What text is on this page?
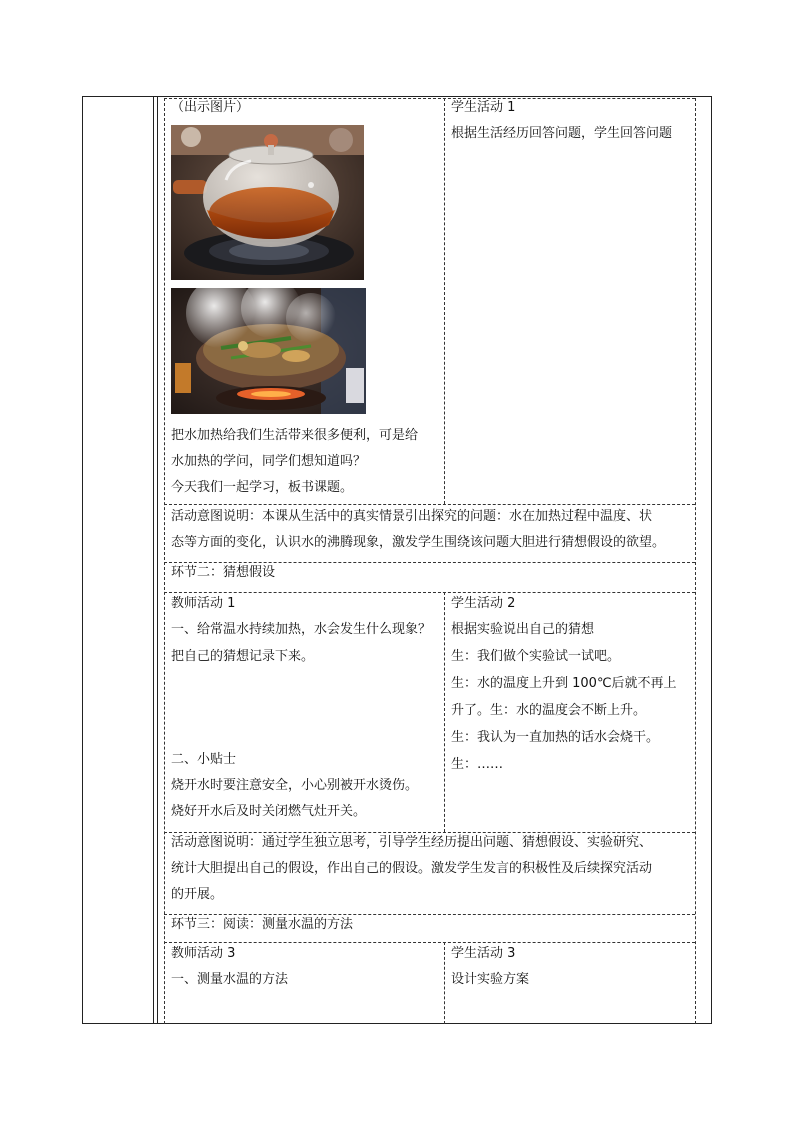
（出示图片）
把水加热给我们生活带来很多便利，可是给
水加热的学问，同学们想知道吗？
今天我们一起学习，板书课题。
学生活动 1
根据生活经历回答问题，学生回答问题
活动意图说明：本课从生活中的真实情景引出探究的问题：水在加热过程中温度、状
态等方面的变化，认识水的沸腾现象，激发学生围绕该问题大胆进行猜想假设的欲望。
环节二：猜想假设
教师活动 1
一、给常温水持续加热，水会发生什么现象？
把自己的猜想记录下来。
二、小贴士
烧开水时要注意安全，小心别被开水烫伤。
烧好开水后及时关闭燃气灶开关。
学生活动 2
根据实验说出自己的猜想
生：我们做个实验试一试吧。
生：水的温度上升到 100℃后就不再上
升了。生：水的温度会不断上升。
生：我认为一直加热的话水会烧干。
生：……
活动意图说明：通过学生独立思考，引导学生经历提出问题、猜想假设、实验研究、
统计大胆提出自己的假设，作出自己的假设。激发学生发言的积极性及后续探究活动
的开展。
环节三：阅读：测量水温的方法
教师活动 3
一、测量水温的方法
学生活动 3
设计实验方案
